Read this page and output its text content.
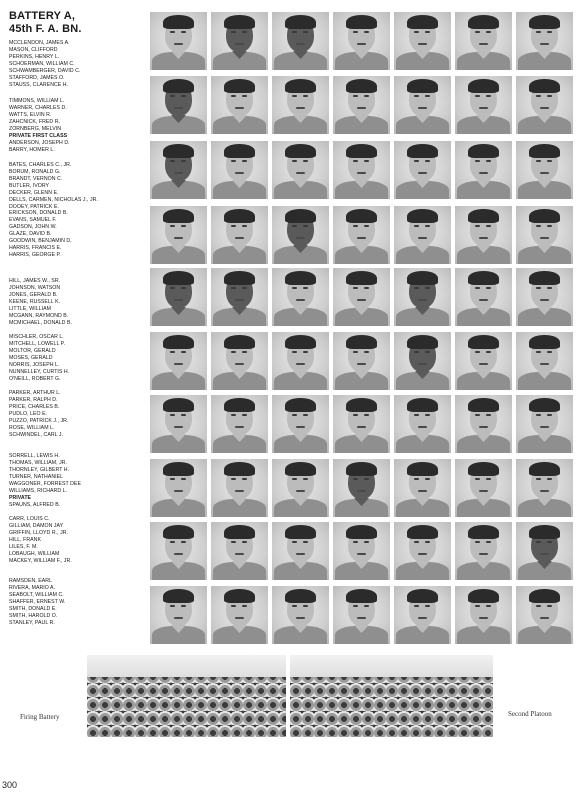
BATTERY A,
45th F. A. BN.
MCCLENDON, JAMES A.
MASON, CLIFFORD
PERKINS, HENRY L.
SCHOERMAN, WILLIAM C.
SCHWAMBERGER, DAVID C.
STAFFORD, JAMES O.
STAUSS, CLARENCE H.
TIMMONS, WILLIAM L.
WARNER, CHARLES D.
WATTS, ELVIN R.
ZAHCNICK, FRED R.
ZORNBERG, MELVIN
PRIVATE FIRST CLASS
ANDERSON, JOSEPH D.
BARRY, HOMER L.
BATES, CHARLES C., JR.
BORUM, RONALD G.
BRANDT, VERNON C.
BUTLER, IVORY
DECKER, GLENN E.
DELLS, CARMEN, NICHOLAS J., JR.
DOOEY, PATRICK E.
ERICKSON, DONALD B.
EVANS, SAMUEL F.
GADSON, JOHN W.
GLAZE, DAVID B.
GOODWIN, BENJAMIN D.
HARRIS, FRANCIS E.
HARRIS, GEORGE P.
HILL, JAMES W., SR.
JOHNSON, WATSON
JONES, GERALD B.
KEENE, RUSSELL K.
LITTLE, WILLIAM
MCGANN, RAYMOND B.
MCMICHAEL, DONALD B.
MISCHLER, OSCAR L.
MITCHELL, LOWELL P.
MOLTOR, GERALD
MOSES, GERALD
NORRIS, JOSEPH L.
NUNNELLEY, CURTIS H.
O'NEILL, ROBERT G.
PARKER, ARTHUR L.
PARKER, RALPH D.
PRICE, CHARLES B.
PUDLO, LEO E.
PUZZO, PATRICK J., JR.
ROSE, WILLIAM L.
SCHWINDEL, CARL J.
SORRELL, LEWIS H.
THOMAS, WILLIAM, JR.
THORNLEY, GILBERT H.
TURNER, NATHANIEL
WAGGONER, FORREST DEE
WILLIAMS, RICHARD L.
PRIVATE
SPAUNS, ALFRED B.
CARR, LOUIS C.
GILLIAM, DAMON JAY
GRIFFIN, LLOYD R., JR.
HILL, FRANK
LILES, F. M.
LOBAUGH, WILLIAM
MACKEY, WILLIAM F., JR.
RAMSDEN, EARL
RIVERA, MARIO A.
SEABOLT, WILLIAM C.
SHAFFER, ERNEST W.
SMITH, DONALD E.
SMITH, HAROLD O.
STANLEY, PAUL R.
Firing Battery	Second Platoon
300
